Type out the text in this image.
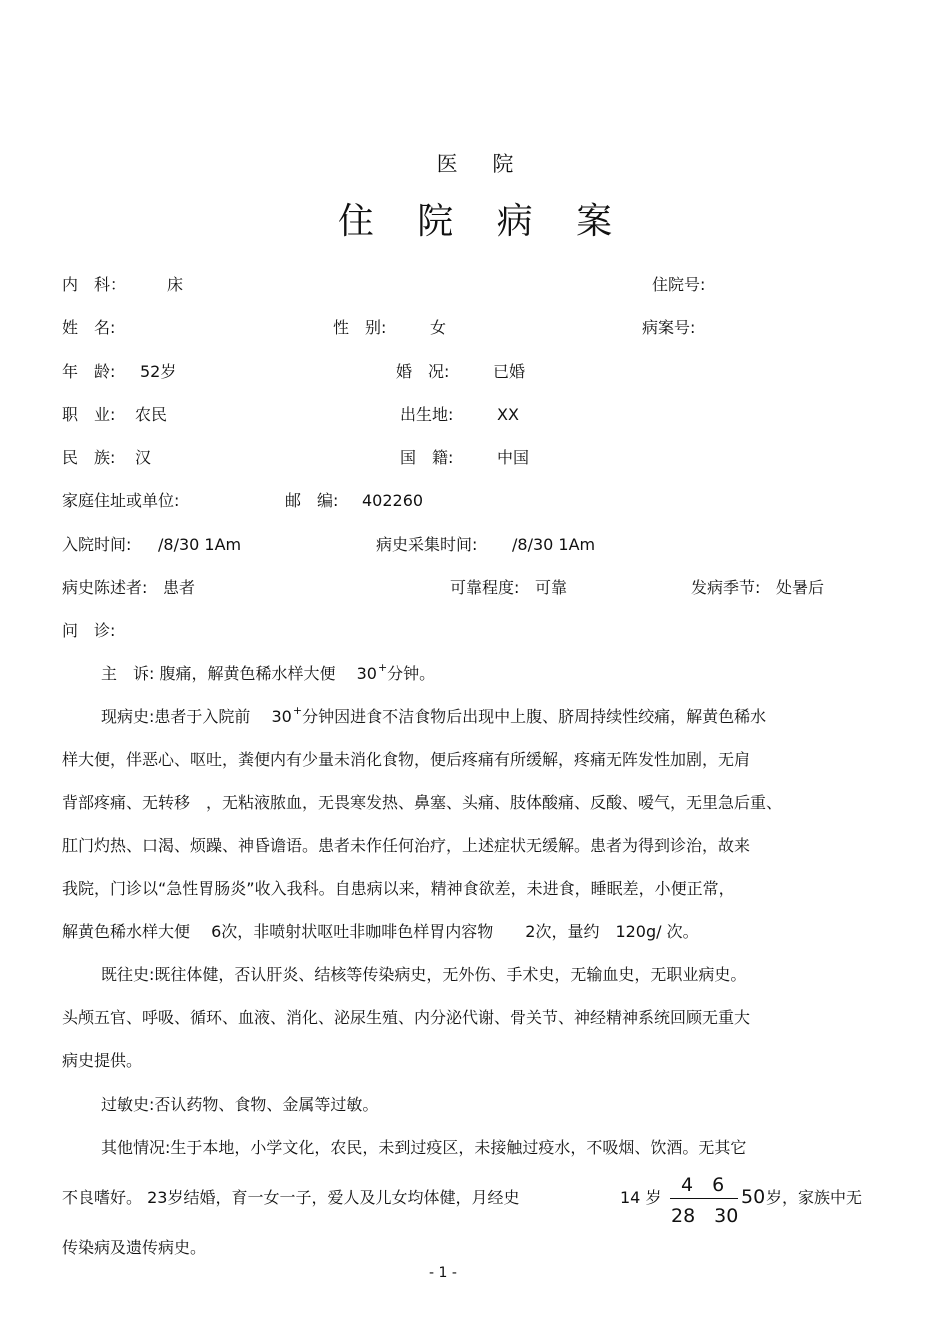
医 院
住 院 病 案
内　科：	床	住院号:
姓　名:	性　别:	女	病案号:
年　龄: 52岁	婚　况:	已婚
职　业: 农民	出生地:	XX
民　族: 汉	国　籍:	中国
家庭住址或单位:	邮　编: 402260
入院时间: /8/30 1Am	病史采集时间: /8/30 1Am
病史陈述者: 患者	可靠程度: 可靠	发病季节: 处暑后
问　诊:
主　诉: 腹痛，解黄色稀水样大便　 30+分钟。
现病史:患者于入院前　 30+分钟因进食不洁食物后出现中上腹、脐周持续性绞痛，解黄色稀水
样大便，伴恶心、呕吐，粪便内有少量未消化食物，便后疼痛有所缓解，疼痛无阵发性加剧，无肩
背部疼痛、无转移　，无粘液脓血，无畏寒发热、鼻塞、头痛、肢体酸痛、反酸、嗳气，无里急后重、
肛门灼热、口渴、烦躁、神昏谵语。患者未作任何治疗，上述症状无缓解。患者为得到诊治，故来
我院，门诊以“急性胃肠炎”收入我科。自患病以来，精神食欲差，未进食，睡眠差，小便正常，
解黄色稀水样大便　 6次，非喷射状呕吐非咖啡色样胃内容物　　2次，量约　120g/ 次。
既往史:既往体健，否认肝炎、结核等传染病史，无外伤、手术史，无输血史，无职业病史。
头颅五官、呼吸、循环、血液、消化、泌尿生殖、内分泌代谢、骨关节、神经精神系统回顾无重大
病史提供。
过敏史:否认药物、食物、金属等过敏。
其他情况:生于本地，小学文化，农民，未到过疫区，未接触过疫水，不吸烟、饮酒。无其它
不良嗜好。 23岁结婚，育一女一子，爱人及儿女均体健，月经史	14 岁
4　6
28　30
50 岁，家族中无
传染病及遗传病史。
- 1 -
